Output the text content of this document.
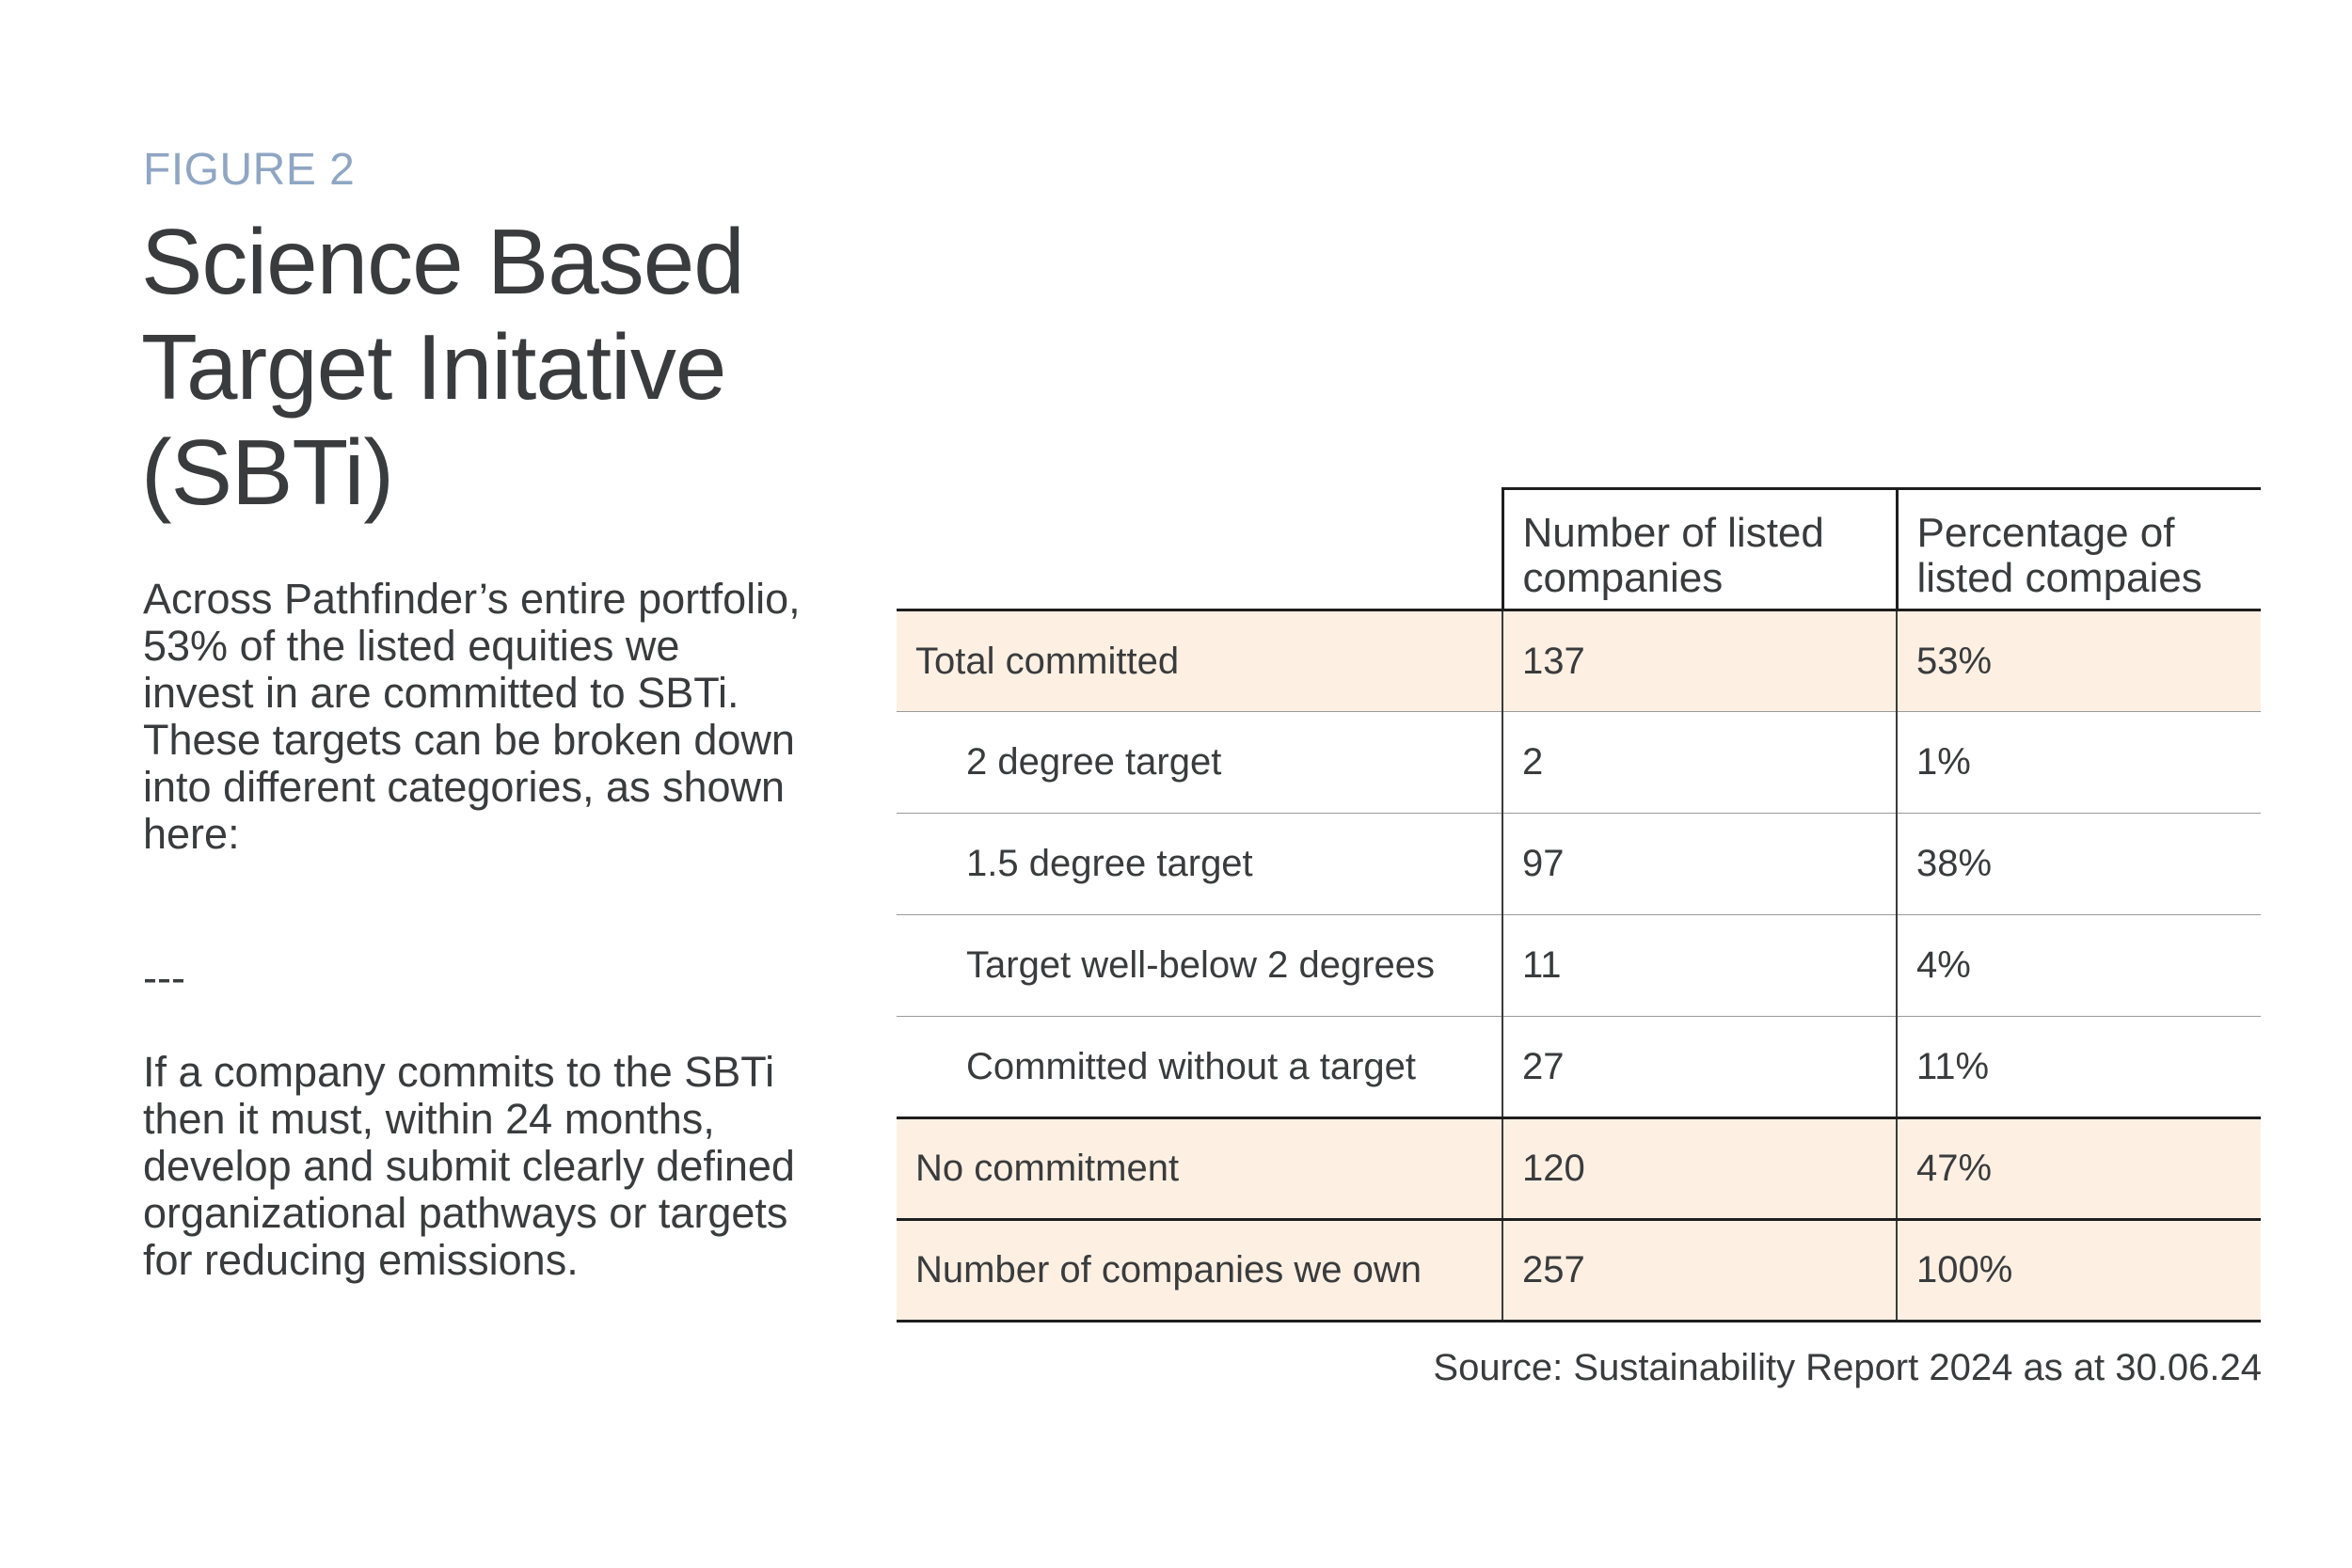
FIGURE 2
Science Based Target Initative (SBTi)

Across Pathfinder’s entire portfolio, 53% of the listed equities we invest in are committed to SBTi. These targets can be broken down into different categories, as shown here:

---

If a company commits to the SBTi then it must, within 24 months, develop and submit clearly defined organizational pathways or targets for reducing emissions.

	Number of listed companies	Percentage of listed compaies
Total committed	137	53%
2 degree target	2	1%
1.5 degree target	97	38%
Target well-below 2 degrees	11	4%
Committed without a target	27	11%
No commitment	120	47%
Number of companies we own	257	100%
Source: Sustainability Report 2024 as at 30.06.24
